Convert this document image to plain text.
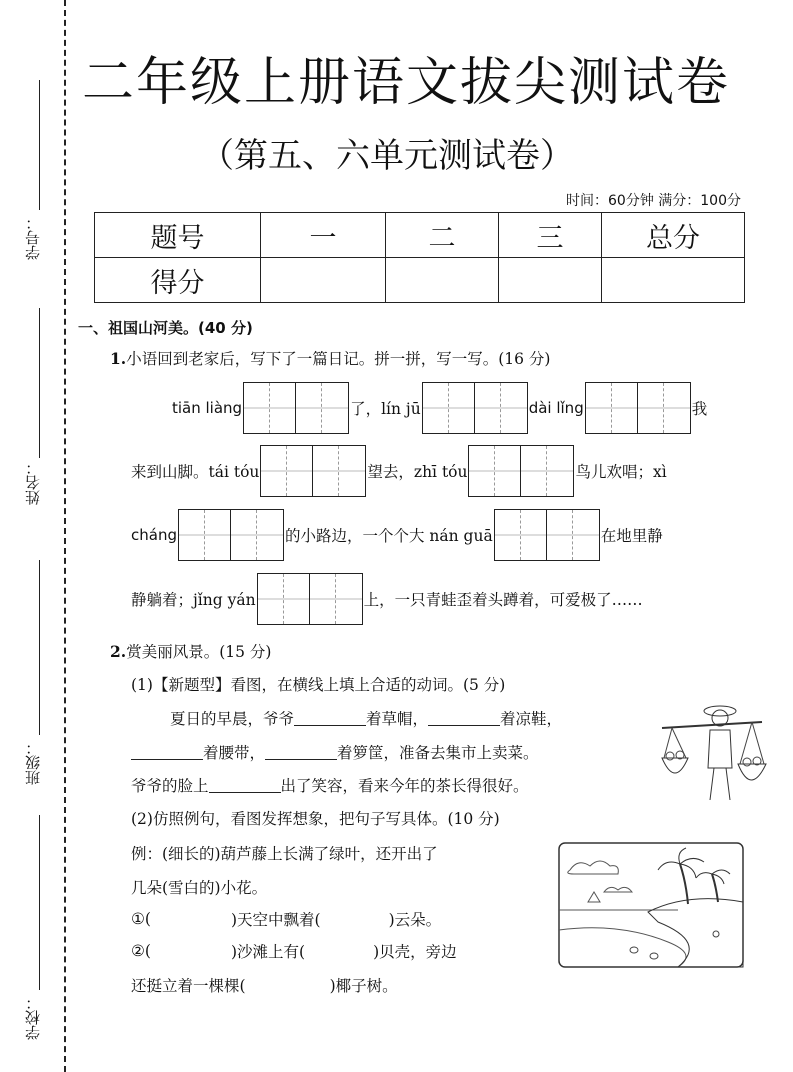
学号：
姓名：
班级：
学校：
二年级上册语文拔尖测试卷
（第五、六单元测试卷）
时间：60分钟 满分：100分
题号	一	二	三	总分
得分				
一、祖国山河美。(40 分)
1. 小语回到老家后，写下了一篇日记。拼一拼，写一写。(16 分)
tiān liàng	了，lín jū	dài lǐng	我
来到山脚。tái tóu	望去，zhī tóu	鸟儿欢唱；xì
cháng	的小路边，一个个大 nán guā	在地里静
静躺着；jǐng yán	上，一只青蛙歪着头蹲着，可爱极了……
2. 赏美丽风景。(15 分)
(1)【新题型】看图，在横线上填上合适的动词。(5 分)
夏日的早晨，爷爷	着草帽，	着凉鞋，
着腰带，	着箩筐，准备去集市上卖菜。
爷爷的脸上	出了笑容，看来今年的茶长得很好。
(2)仿照例句，看图发挥想象，把句子写具体。(10 分)
例：(细长的)葫芦藤上长满了绿叶，还开出了
几朵(雪白的)小花。
①(	)天空中飘着(	)云朵。
②(	)沙滩上有(	)贝壳，旁边
还挺立着一棵棵(	)椰子树。
